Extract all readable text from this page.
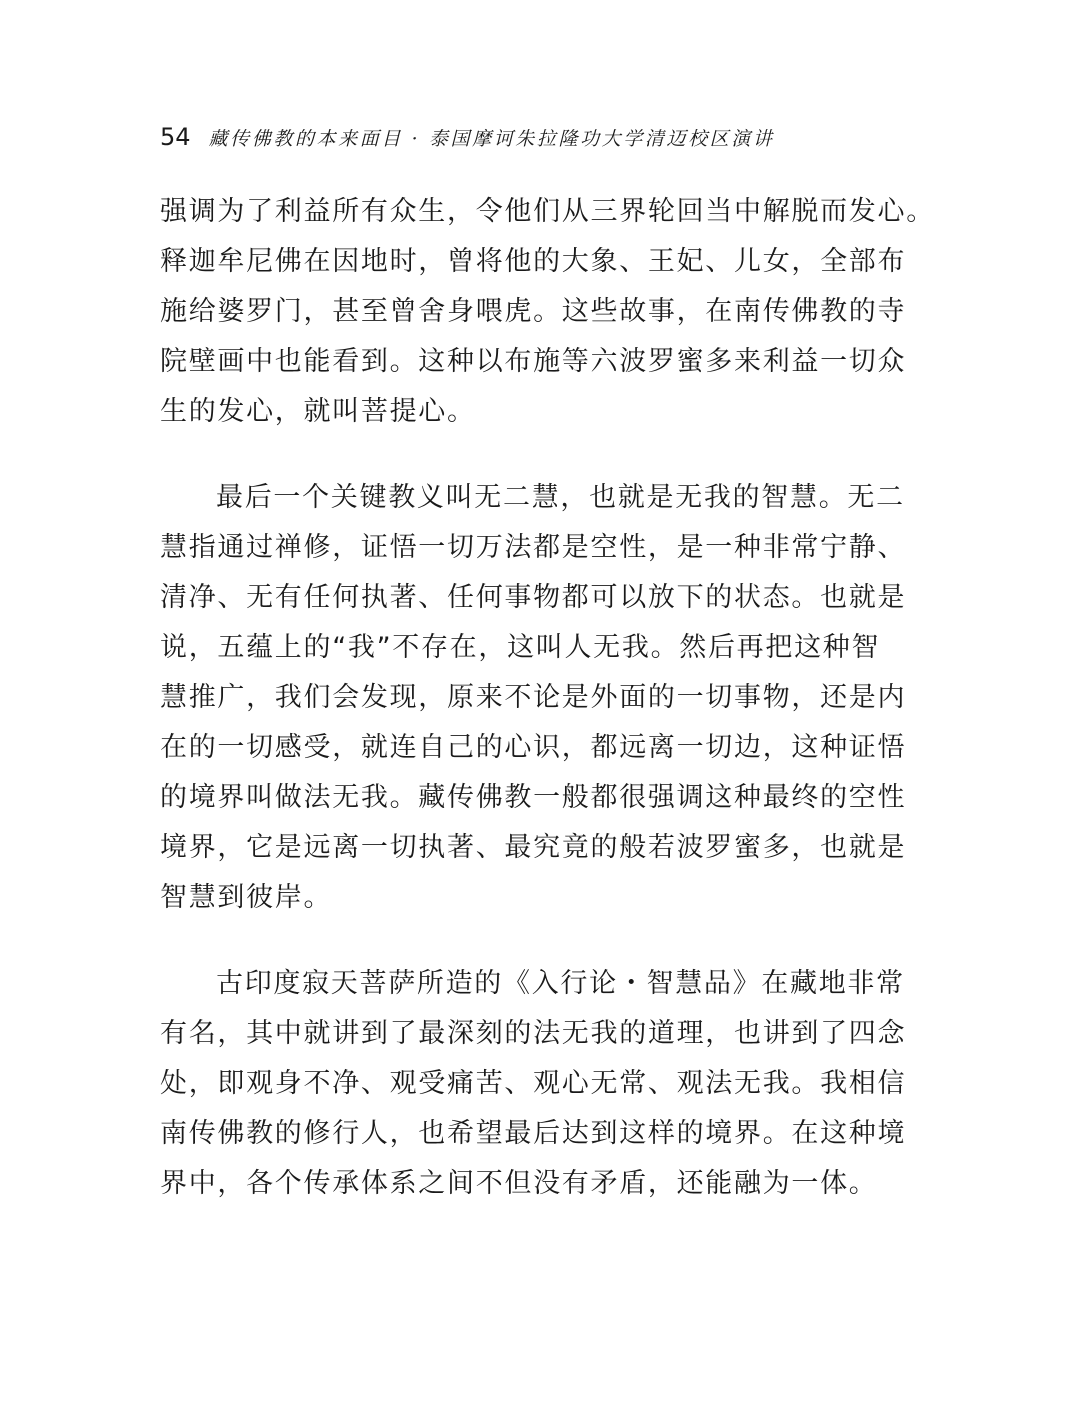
54 藏传佛教的本来面目 · 泰国摩诃朱拉隆功大学清迈校区演讲
强调为了利益所有众生，令他们从三界轮回当中解脱而发心。
释迦牟尼佛在因地时，曾将他的大象、王妃、儿女，全部布
施给婆罗门，甚至曾舍身喂虎。这些故事，在南传佛教的寺
院壁画中也能看到。这种以布施等六波罗蜜多来利益一切众
生的发心，就叫菩提心。
最后一个关键教义叫无二慧，也就是无我的智慧。无二
慧指通过禅修，证悟一切万法都是空性，是一种非常宁静、
清净、无有任何执著、任何事物都可以放下的状态。也就是
说，五蕴上的“我”不存在，这叫人无我。然后再把这种智
慧推广，我们会发现，原来不论是外面的一切事物，还是内
在的一切感受，就连自己的心识，都远离一切边，这种证悟
的境界叫做法无我。藏传佛教一般都很强调这种最终的空性
境界，它是远离一切执著、最究竟的般若波罗蜜多，也就是
智慧到彼岸。
古印度寂天菩萨所造的《入行论・智慧品》在藏地非常
有名，其中就讲到了最深刻的法无我的道理，也讲到了四念
处，即观身不净、观受痛苦、观心无常、观法无我。我相信
南传佛教的修行人，也希望最后达到这样的境界。在这种境
界中，各个传承体系之间不但没有矛盾，还能融为一体。
